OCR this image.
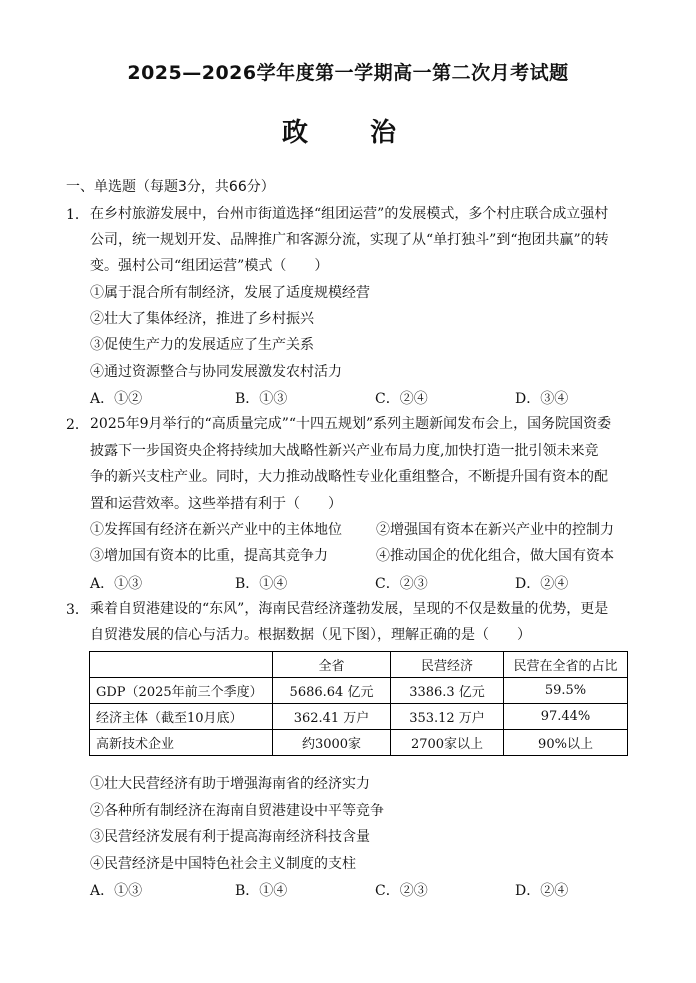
2025—2026学年度第一学期高一第二次月考试题
政　治
一、单选题（每题3分，共66分）
1． 在乡村旅游发展中，台州市街道选择“组团运营”的发展模式，多个村庄联合成立强村
公司，统一规划开发、品牌推广和客源分流，实现了从“单打独斗”到“抱团共赢”的转
变。强村公司“组团运营”模式（　　）
①属于混合所有制经济，发展了适度规模经营
②壮大了集体经济，推进了乡村振兴
③促使生产力的发展适应了生产关系
④通过资源整合与协同发展激发农村活力
A．①②	B．①③	C．②④	D．③④
2． 2025年9月举行的“高质量完成”“十四五规划”系列主题新闻发布会上，国务院国资委
披露下一步国资央企将持续加大战略性新兴产业布局力度,加快打造一批引领未来竞
争的新兴支柱产业。同时，大力推动战略性专业化重组整合，不断提升国有资本的配
置和运营效率。这些举措有利于（　　）
①发挥国有经济在新兴产业中的主体地位 ②增强国有资本在新兴产业中的控制力
③增加国有资本的比重，提高其竞争力	④推动国企的优化组合，做大国有资本
A．①③	B．①④	C．②③	D．②④
3． 乘着自贸港建设的“东风”，海南民营经济蓬勃发展，呈现的不仅是数量的优势，更是
自贸港发展的信心与活力。根据数据（见下图），理解正确的是（　　）
	全省	民营经济	民营在全省的占比
GDP（2025年前三个季度）	5686.64 亿元	3386.3 亿元	59.5%
经济主体（截至10月底）	362.41 万户	353.12 万户	97.44%
高新技术企业	约3000家	2700家以上	90%以上
①壮大民营经济有助于增强海南省的经济实力
②各种所有制经济在海南自贸港建设中平等竞争
③民营经济发展有利于提高海南经济科技含量
④民营经济是中国特色社会主义制度的支柱
A．①③	B．①④	C．②③	D．②④
